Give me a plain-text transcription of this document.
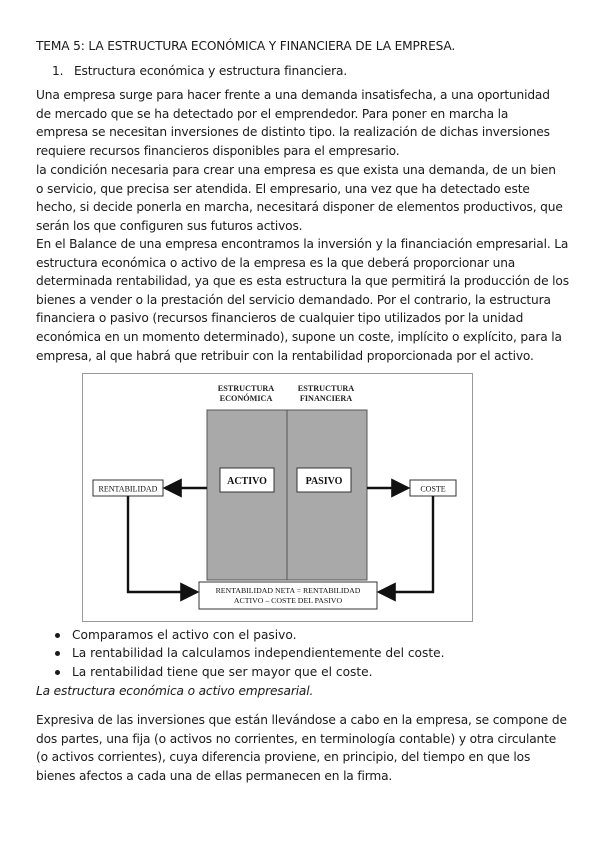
TEMA 5: LA ESTRUCTURA ECONÓMICA Y FINANCIERA DE LA EMPRESA.
1. Estructura económica y estructura financiera.
Una empresa surge para hacer frente a una demanda insatisfecha, a una oportunidad
de mercado que se ha detectado por el emprendedor. Para poner en marcha la
empresa se necesitan inversiones de distinto tipo. la realización de dichas inversiones
requiere recursos financieros disponibles para el empresario.
la condición necesaria para crear una empresa es que exista una demanda, de un bien
o servicio, que precisa ser atendida. El empresario, una vez que ha detectado este
hecho, si decide ponerla en marcha, necesitará disponer de elementos productivos, que
serán los que configuren sus futuros activos.
En el Balance de una empresa encontramos la inversión y la financiación empresarial. La
estructura económica o activo de la empresa es la que deberá proporcionar una
determinada rentabilidad, ya que es esta estructura la que permitirá la producción de los
bienes a vender o la prestación del servicio demandado. Por el contrario, la estructura
financiera o pasivo (recursos financieros de cualquier tipo utilizados por la unidad
económica en un momento determinado), supone un coste, implícito o explícito, para la
empresa, al que habrá que retribuir con la rentabilidad proporcionada por el activo.
ESTRUCTURA
ECONÓMICA
ESTRUCTURA
FINANCIERA
ACTIVO	PASIVO
RENTABILIDAD	COSTE
RENTABILIDAD NETA = RENTABILIDAD
ACTIVO – COSTE DEL PASIVO
Comparamos el activo con el pasivo.
La rentabilidad la calculamos independientemente del coste.
La rentabilidad tiene que ser mayor que el coste.
La estructura económica o activo empresarial.
Expresiva de las inversiones que están llevándose a cabo en la empresa, se compone de
dos partes, una fija (o activos no corrientes, en terminología contable) y otra circulante
(o activos corrientes), cuya diferencia proviene, en principio, del tiempo en que los
bienes afectos a cada una de ellas permanecen en la firma.
